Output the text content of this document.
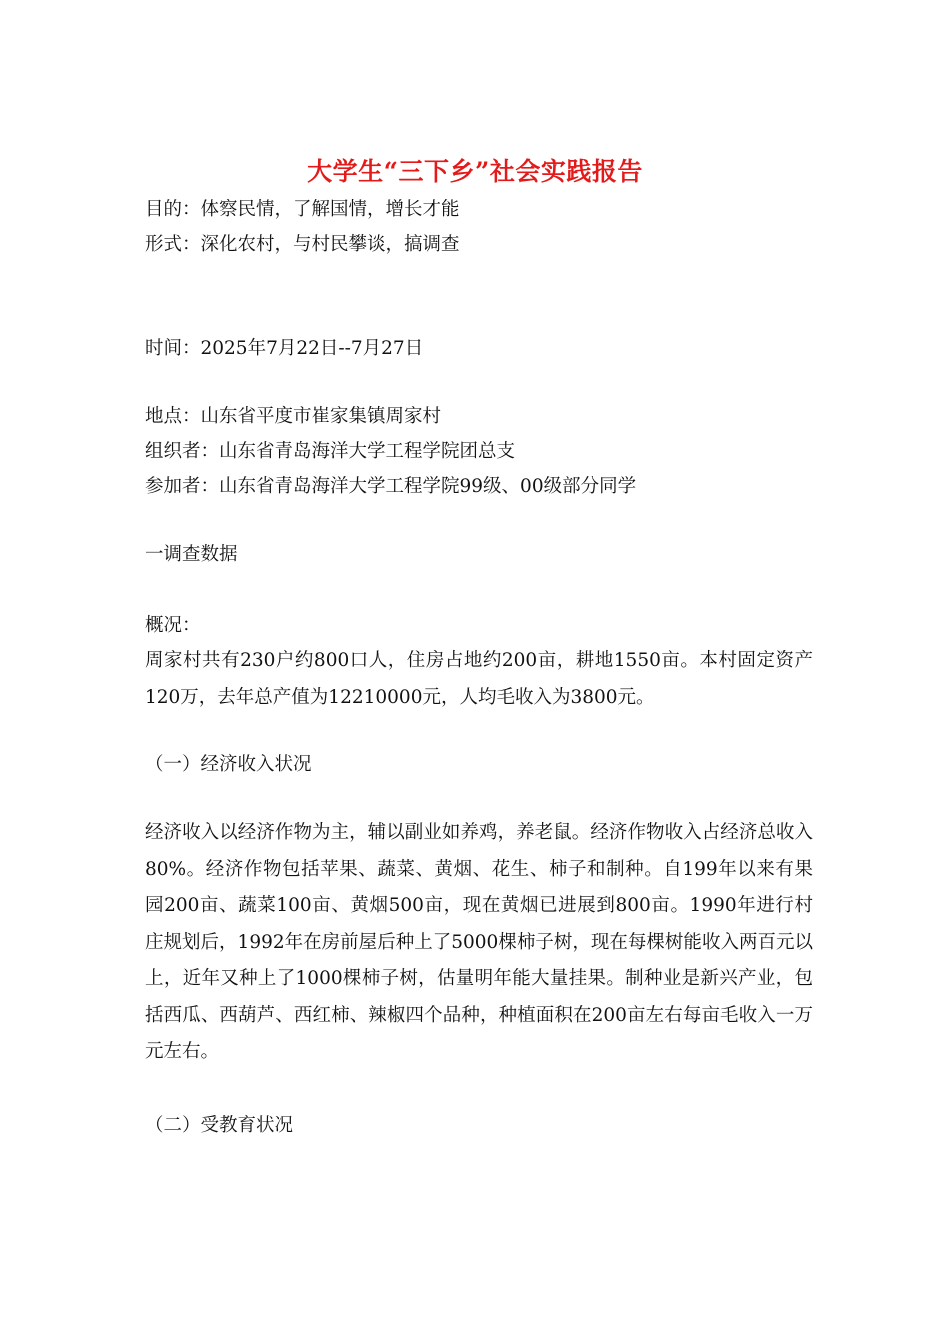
大学生“三下乡”社会实践报告
目的：体察民情，了解国情，增长才能
形式：深化农村，与村民攀谈，搞调查
时间：2025年7月22日--7月27日
地点：山东省平度市崔家集镇周家村
组织者：山东省青岛海洋大学工程学院团总支
参加者：山东省青岛海洋大学工程学院99级、00级部分同学
一调查数据
概况：
周家村共有230户约800口人，住房占地约200亩，耕地1550亩。本村固定资产120万，去年总产值为12210000元，人均毛收入为3800元。
（一）经济收入状况
经济收入以经济作物为主，辅以副业如养鸡，养老鼠。经济作物收入占经济总收入80%。经济作物包括苹果、蔬菜、黄烟、花生、柿子和制种。自199年以来有果园200亩、蔬菜100亩、黄烟500亩，现在黄烟已进展到800亩。1990年进行村庄规划后，1992年在房前屋后种上了5000棵柿子树，现在每棵树能收入两百元以上，近年又种上了1000棵柿子树，估量明年能大量挂果。制种业是新兴产业，包括西瓜、西葫芦、西红柿、辣椒四个品种，种植面积在200亩左右每亩毛收入一万元左右。
（二）受教育状况
